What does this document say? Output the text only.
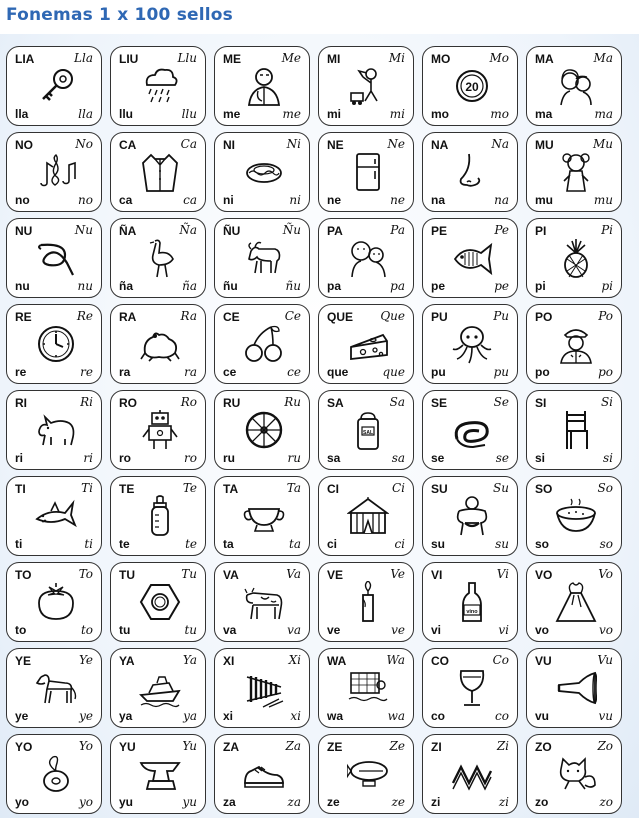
Fonemas 1 x 100 sellos
LIA	Lla
lla	lla
LIU	Llu
llu	llu
ME	Me
me	me
MI	Mi
mi	mi
MO	Mo
20
mo	mo
MA	Ma
ma	ma
NO	No
no	no
CA	Ca
ca	ca
NI	Ni
ni	ni
NE	Ne
ne	ne
NA	Na
na	na
MU	Mu
mu	mu
NU	Nu
nu	nu
ÑA	Ña
ña	ña
ÑU	Ñu
ñu	ñu
PA	Pa
pa	pa
PE	Pe
pe	pe
PI	Pi
pi	pi
RE	Re
re	re
RA	Ra
ra	ra
CE	Ce
ce	ce
QUE Que
que	que
PU	Pu
pu	pu
PO	Po
po	po
RI	Ri
ri	ri
RO	Ro
ro	ro
RU	Ru
ru	ru
SA	Sa
SAL
sa	sa
SE	Se
se	se
SI	Si
si	si
TI	Ti
ti	ti
TE	Te
te	te
TA	Ta
ta	ta
CI	Ci
ci	ci
SU	Su
su	su
SO	So
so	so
TO	To
to	to
TU	Tu
tu	tu
VA	Va
va	va
VE	Ve
ve	ve
VI	Vi
vino
vi	vi
VO	Vo
vo	vo
YE	Ye
ye	ye
YA	Ya
ya	ya
XI	Xi
xi	xi
WA	Wa
wa	wa
CO	Co
co	co
VU	Vu
vu	vu
YO	Yo
yo	yo
YU	Yu
yu	yu
ZA	Za
za	za
ZE	Ze
ze	ze
ZI	Zi
zi	zi
ZO	Zo
zo	zo
